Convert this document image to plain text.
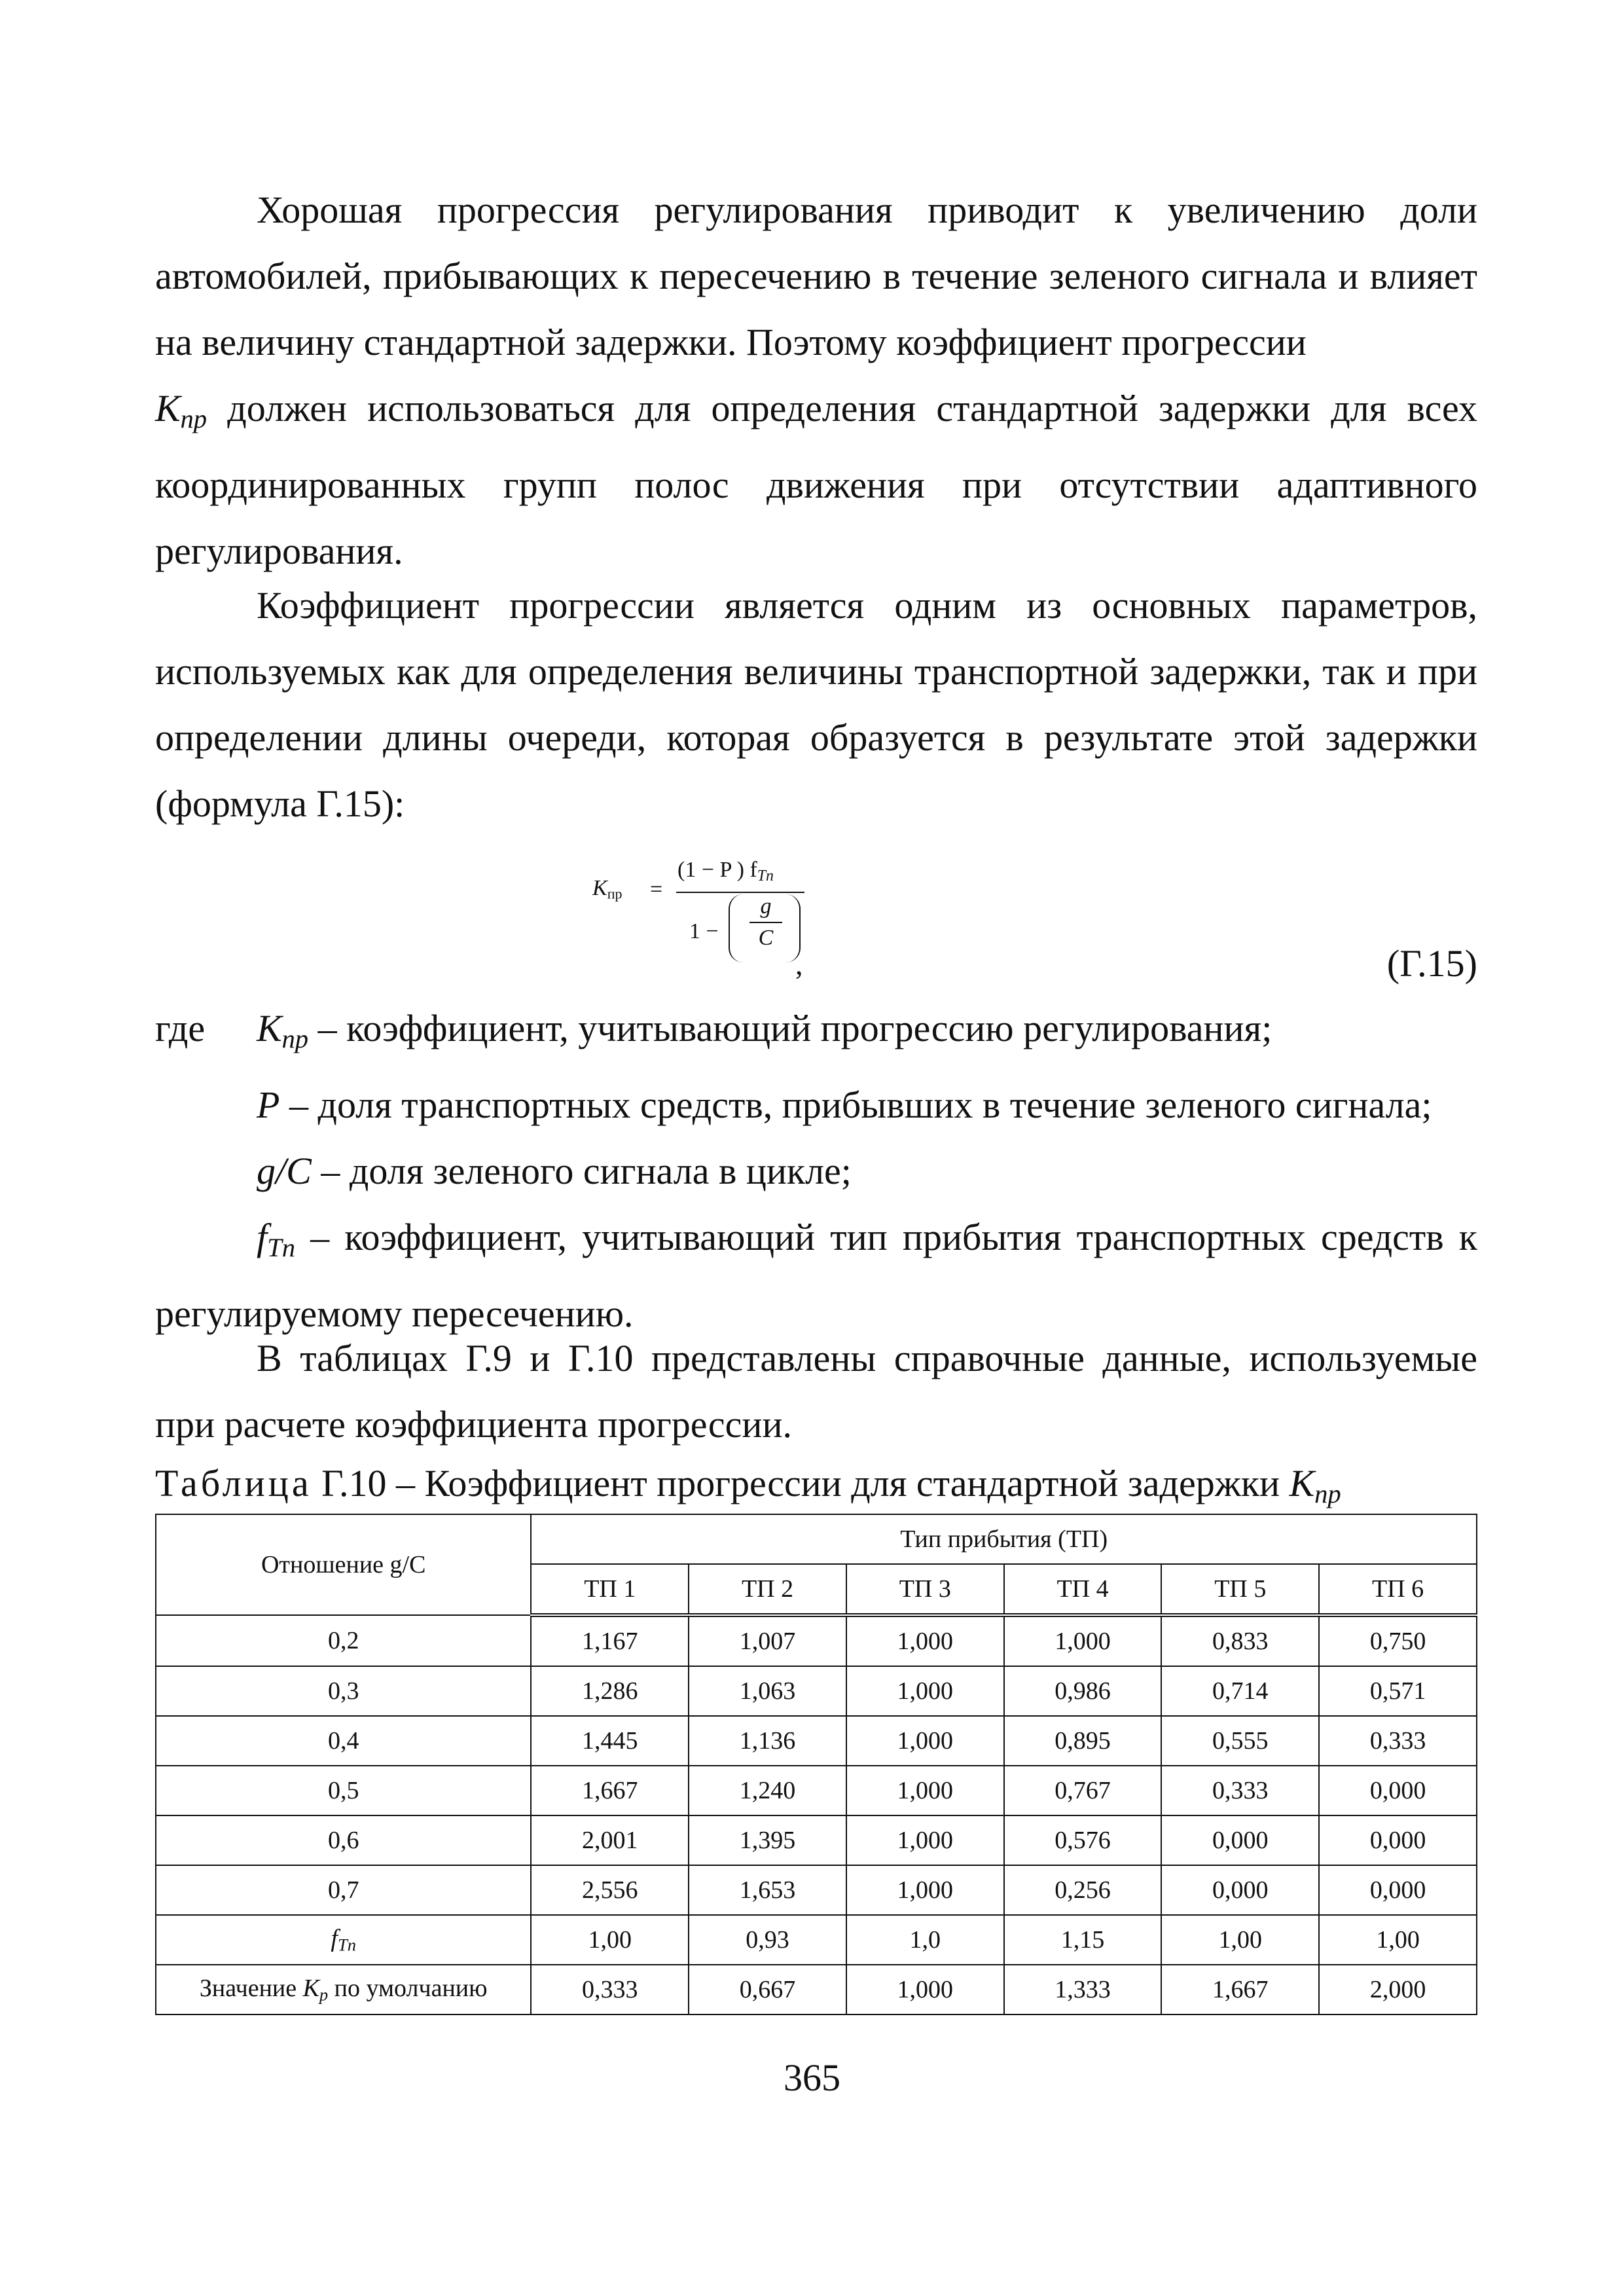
Хорошая прогрессия регулирования приводит к увеличению доли автомобилей, прибывающих к пересечению в течение зеленого сигнала и влияет на величину стандартной задержки. Поэтому коэффициент прогрессии
$К_{пр}$ должен использоваться для определения стандартной задержки для всех координированных групп полос движения при отсутствии адаптивного регулирования.

Коэффициент прогрессии является одним из основных параметров, используемых как для определения величины транспортной задержки, так и при определении длины очереди, которая образуется в результате этой задержки (формула Г.15):

$K_{пр}$ =
(1 − P ) $f_{Tn}$
1 −
g
C
,	(Г.15)
где $К_{пр}$ – коэффициент, учитывающий прогрессию регулирования;
P – доля транспортных средств, прибывших в течение зеленого сигнала;
g/C – доля зеленого сигнала в цикле;
$f_{Tn}$ – коэффициент, учитывающий тип прибытия транспортных средств к регулируемому пересечению.

В таблицах Г.9 и Г.10 представлены справочные данные, используемые при расчете коэффициента прогрессии.

Таблица Г.10 – Коэффициент прогрессии для стандартной задержки $К_{пр}$
Отношение g/C	Тип прибытия (ТП)					
	ТП 1	ТП 2	ТП 3	ТП 4	ТП 5	ТП 6
0,2	1,167	1,007	1,000	1,000	0,833	0,750
0,3	1,286	1,063	1,000	0,986	0,714	0,571
0,4	1,445	1,136	1,000	0,895	0,555	0,333
0,5	1,667	1,240	1,000	0,767	0,333	0,000
0,6	2,001	1,395	1,000	0,576	0,000	0,000
0,7	2,556	1,653	1,000	0,256	0,000	0,000
$f_{Tn}$	1,00	0,93	1,0	1,15	1,00	1,00
Значение $К_р$ по умолчанию	0,333	0,667	1,000	1,333	1,667	2,000
365
